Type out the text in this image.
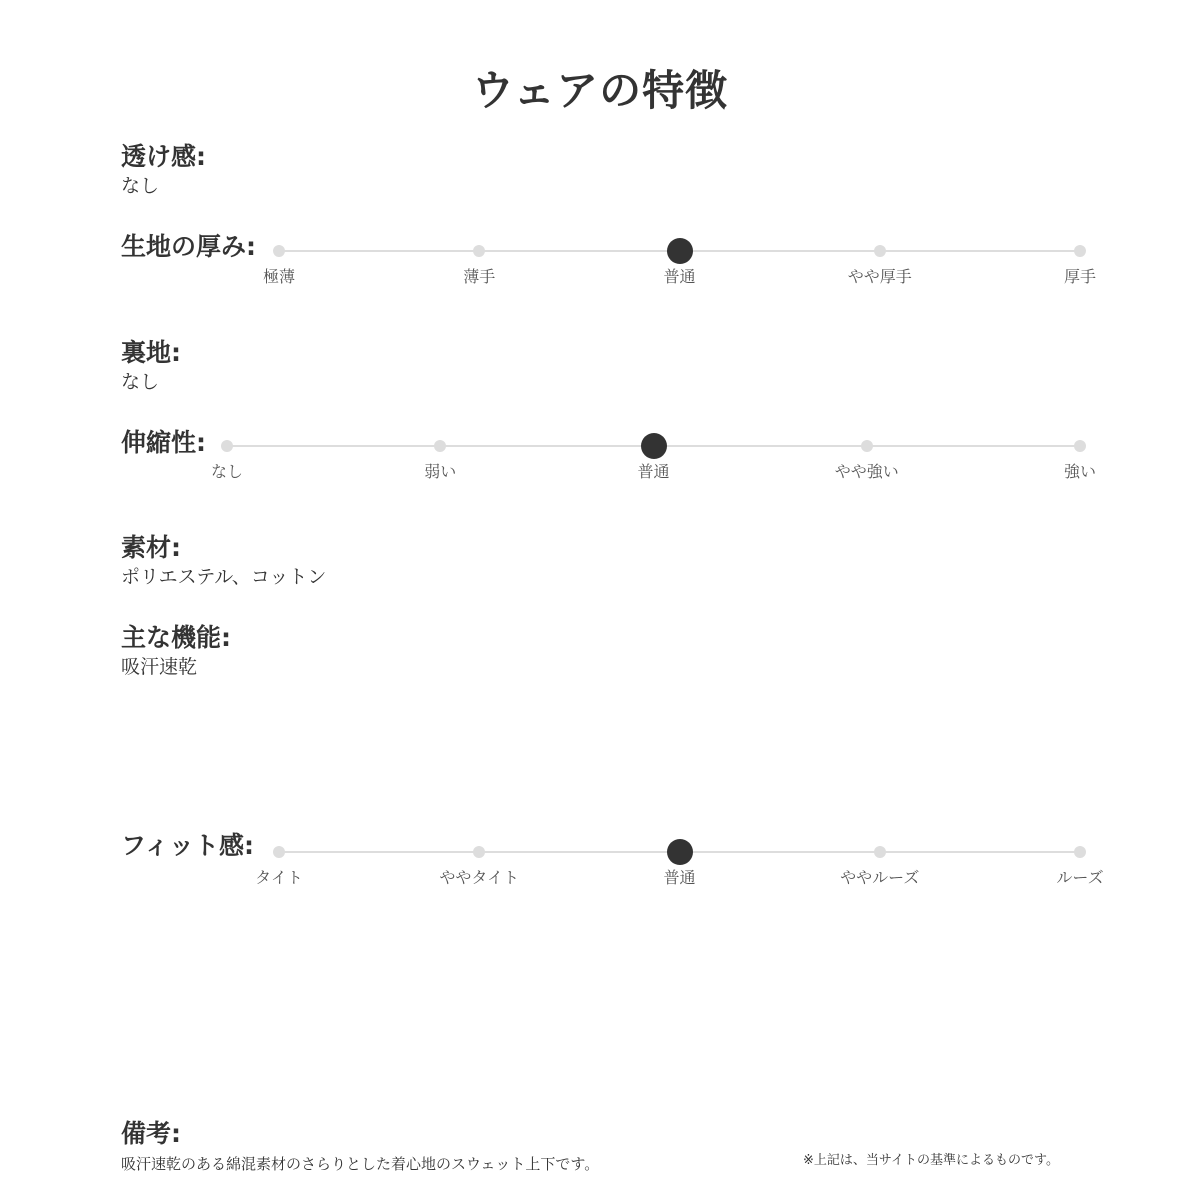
ウェアの特徴
透け感:
なし
生地の厚み:
極薄	薄手	普通	やや厚手	厚手
裏地:
なし
伸縮性:
なし	弱い	普通	やや強い	強い
素材:
ポリエステル、コットン
主な機能:
吸汗速乾
フィット感:
タイト	ややタイト	普通	ややルーズ	ルーズ
備考:
吸汗速乾のある綿混素材のさらりとした着心地のスウェット上下です。	※上記は、当サイトの基準によるものです。
